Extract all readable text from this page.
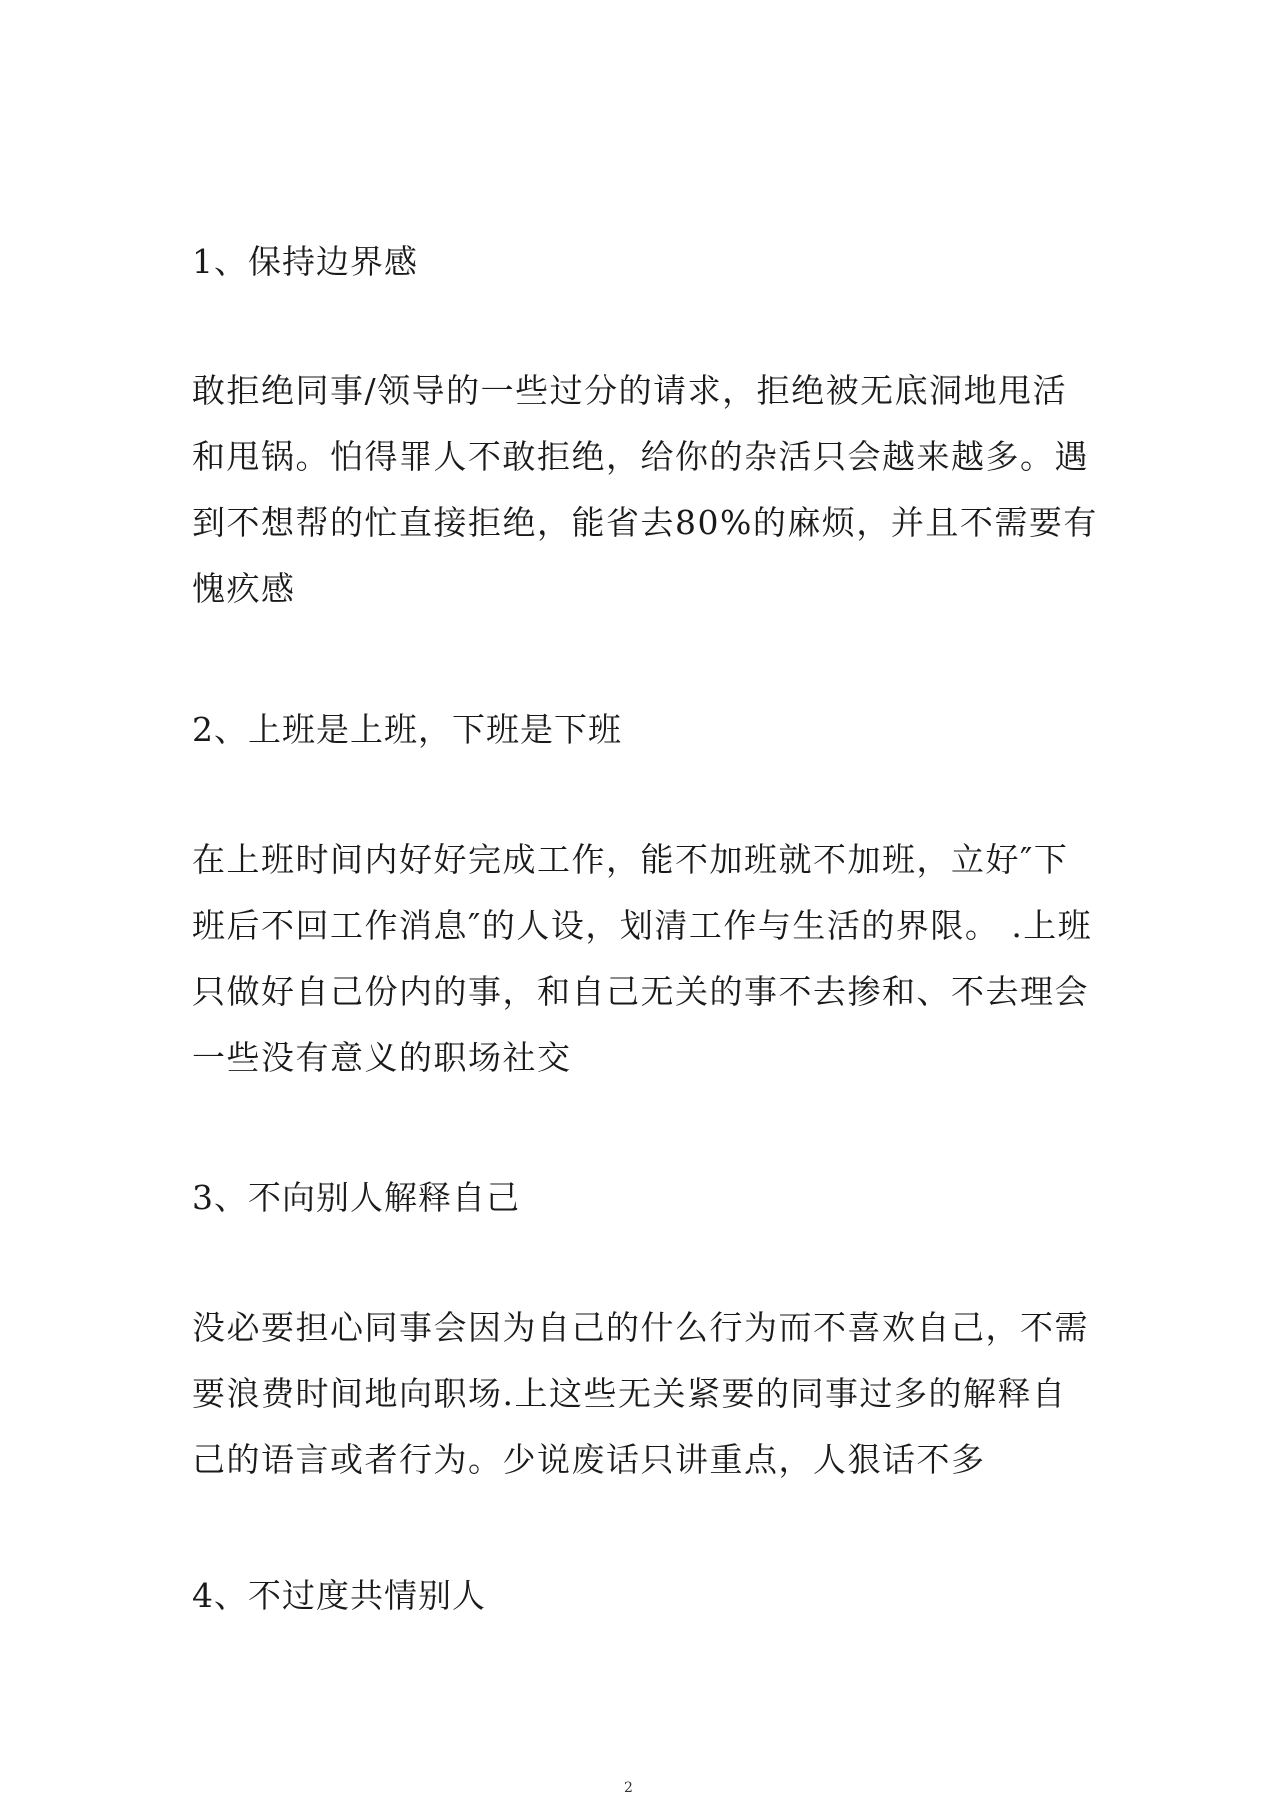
1、保持边界感
敢拒绝同事/领导的一些过分的请求，拒绝被无底洞地甩活
和甩锅。怕得罪人不敢拒绝，给你的杂活只会越来越多。遇
到不想帮的忙直接拒绝，能省去80%的麻烦，并且不需要有
愧疚感
2、上班是上班，下班是下班
在上班时间内好好完成工作，能不加班就不加班，立好″下
班后不回工作消息″的人设，划清工作与生活的界限。 .上班
只做好自己份内的事，和自己无关的事不去掺和、不去理会
一些没有意义的职场社交
3、不向别人解释自己
没必要担心同事会因为自己的什么行为而不喜欢自己，不需
要浪费时间地向职场.上这些无关紧要的同事过多的解释自
己的语言或者行为。少说废话只讲重点，人狠话不多
4、不过度共情别人
2
